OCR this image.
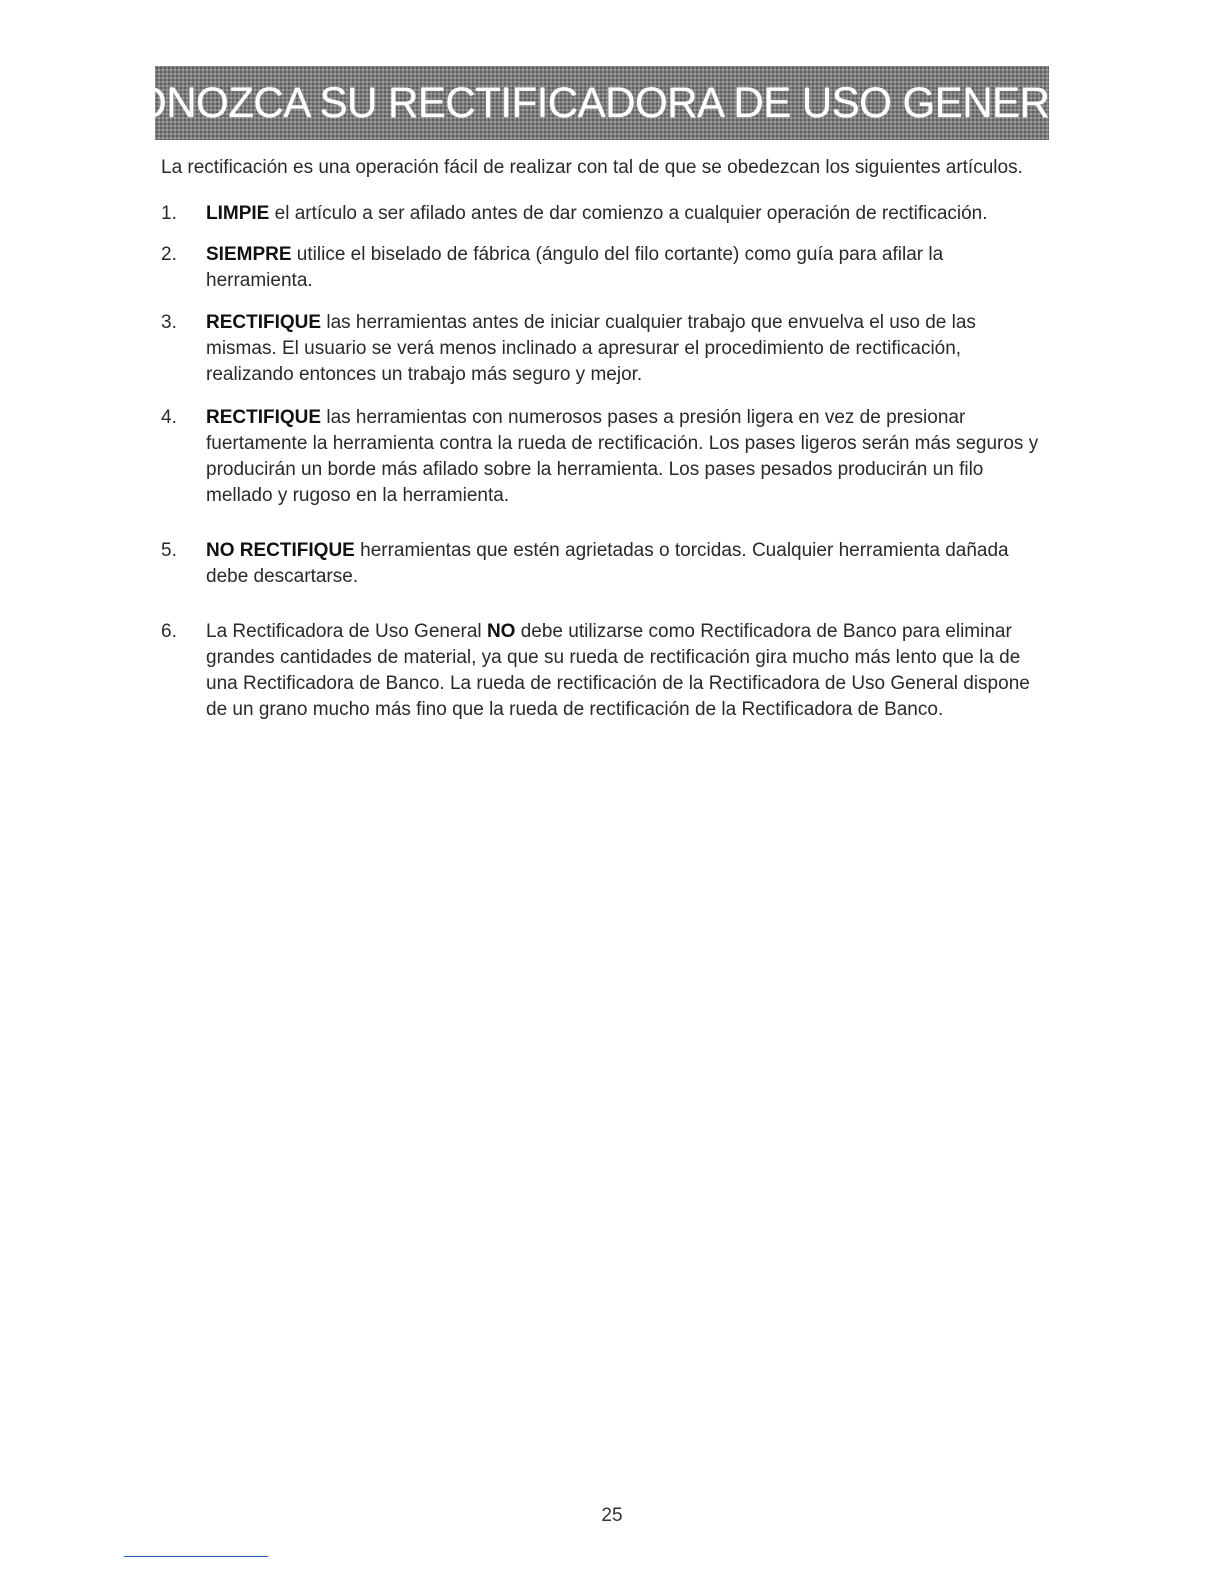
CONOZCA SU RECTIFICADORA DE USO GENERAL

La rectificación es una operación fácil de realizar con tal de que se obedezcan los siguientes artículos.

1. LIMPIE el artículo a ser afilado antes de dar comienzo a cualquier operación de rectificación.
2. SIEMPRE utilice el biselado de fábrica (ángulo del filo cortante) como guía para afilar la herramienta.
3. RECTIFIQUE las herramientas antes de iniciar cualquier trabajo que envuelva el uso de las mismas. El usuario se verá menos inclinado a apresurar el procedimiento de rectificación, realizando entonces un trabajo más seguro y mejor.
4. RECTIFIQUE las herramientas con numerosos pases a presión ligera en vez de presionar fuertamente la herramienta contra la rueda de rectificación. Los pases ligeros serán más seguros y producirán un borde más afilado sobre la herramienta. Los pases pesados producirán un filo mellado y rugoso en la herramienta.
5. NO RECTIFIQUE herramientas que estén agrietadas o torcidas. Cualquier herramienta dañada debe descartarse.
6. La Rectificadora de Uso General NO debe utilizarse como Rectificadora de Banco para eliminar grandes cantidades de material, ya que su rueda de rectificación gira mucho más lento que la de una Rectificadora de Banco. La rueda de rectificación de la Rectificadora de Uso General dispone de un grano mucho más fino que la rueda de rectificación de la Rectificadora de Banco.
25
